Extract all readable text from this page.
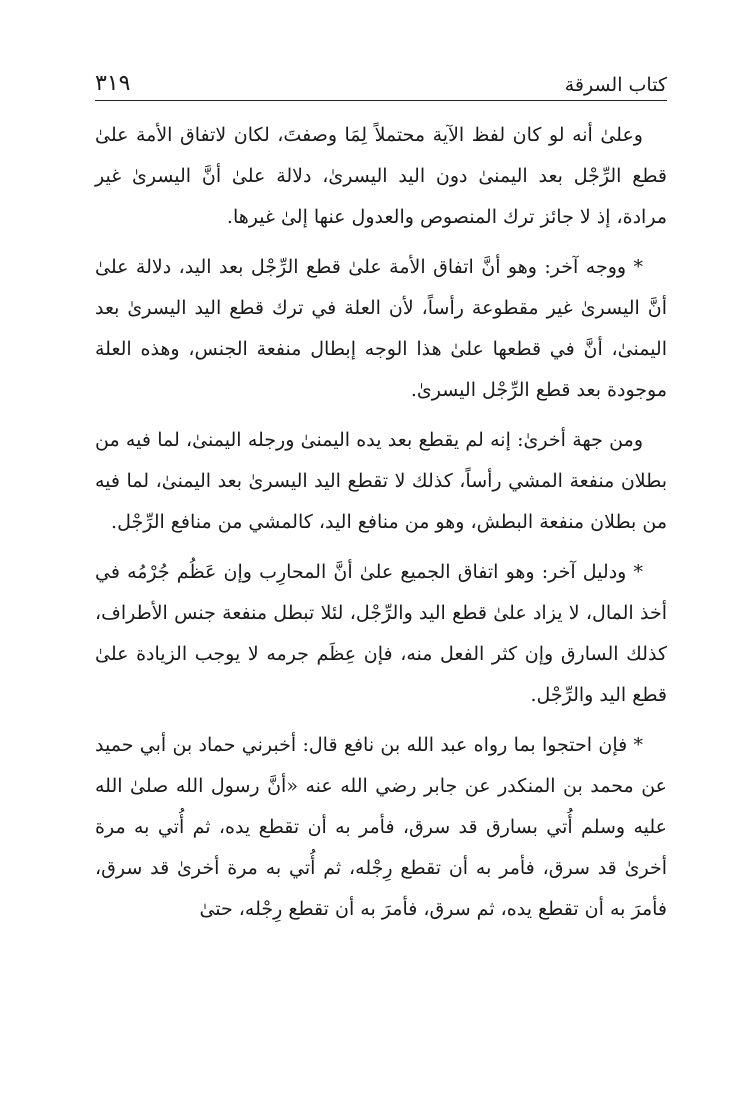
كتاب السرقة
٣١٩

وعلىٰ أنه لو كان لفظ الآية محتملاً لِمَا وصفتَ، لكان لاتفاق الأمة علىٰ قطع الرِّجْل بعد اليمنىٰ دون اليد اليسرىٰ، دلالة علىٰ أنَّ اليسرىٰ غير مرادة، إذ لا جائز ترك المنصوص والعدول عنها إلىٰ غيرها.

* ووجه آخر: وهو أنَّ اتفاق الأمة علىٰ قطع الرِّجْل بعد اليد، دلالة علىٰ أنَّ اليسرىٰ غير مقطوعة رأساً، لأن العلة في ترك قطع اليد اليسرىٰ بعد اليمنىٰ، أنَّ في قطعها علىٰ هذا الوجه إبطال منفعة الجنس، وهذه العلة موجودة بعد قطع الرِّجْل اليسرىٰ.

ومن جهة أخرىٰ: إنه لم يقطع بعد يده اليمنىٰ ورجله اليمنىٰ، لما فيه من بطلان منفعة المشي رأساً، كذلك لا تقطع اليد اليسرىٰ بعد اليمنىٰ، لما فيه من بطلان منفعة البطش، وهو من منافع اليد، كالمشي من منافع الرِّجْل.

* ودليل آخر: وهو اتفاق الجميع علىٰ أنَّ المحارِب وإن عَظُم جُرْمُه في أخذ المال، لا يزاد علىٰ قطع اليد والرِّجْل، لئلا تبطل منفعة جنس الأطراف، كذلك السارق وإن كثر الفعل منه، فإن عِظَم جرمه لا يوجب الزيادة علىٰ قطع اليد والرِّجْل.

* فإن احتجوا بما رواه عبد الله بن نافع قال: أخبرني حماد بن أبي حميد عن محمد بن المنكدر عن جابر رضي الله عنه «أنَّ رسول الله صلىٰ الله عليه وسلم أُتي بسارق قد سرق، فأمر به أن تقطع يده، ثم أُتي به مرة أخرىٰ قد سرق، فأمر به أن تقطع رِجْله، ثم أُتي به مرة أخرىٰ قد سرق، فأمرَ به أن تقطع يده، ثم سرق، فأمرَ به أن تقطع رِجْله، حتىٰ
